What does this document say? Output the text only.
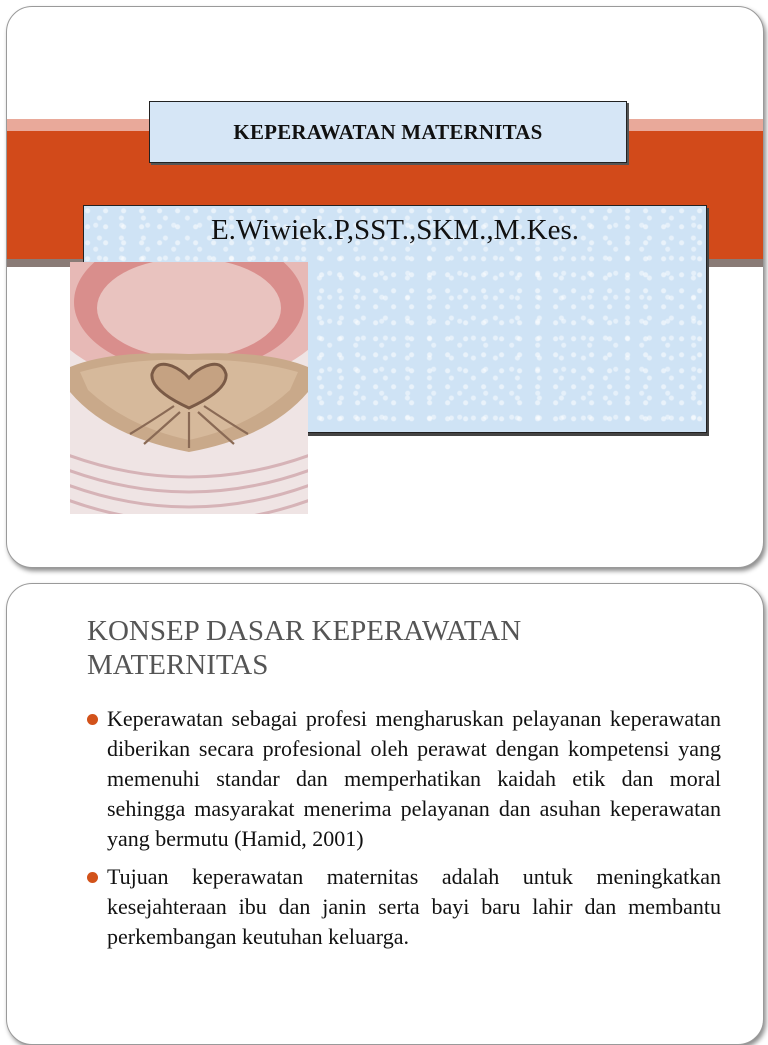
E.Wiwiek.P,SST.,SKM.,M.Kes.
KEPERAWATAN MATERNITAS
KONSEP DASAR KEPERAWATAN MATERNITAS
Keperawatan sebagai profesi mengharuskan pelayanan keperawatan diberikan secara profesional oleh perawat dengan kompetensi yang memenuhi standar dan memperhatikan kaidah etik dan moral sehingga masyarakat menerima pelayanan dan asuhan keperawatan yang bermutu (Hamid, 2001)
Tujuan keperawatan maternitas adalah untuk meningkatkan kesejahteraan ibu dan janin serta bayi baru lahir dan membantu perkembangan keutuhan keluarga.
